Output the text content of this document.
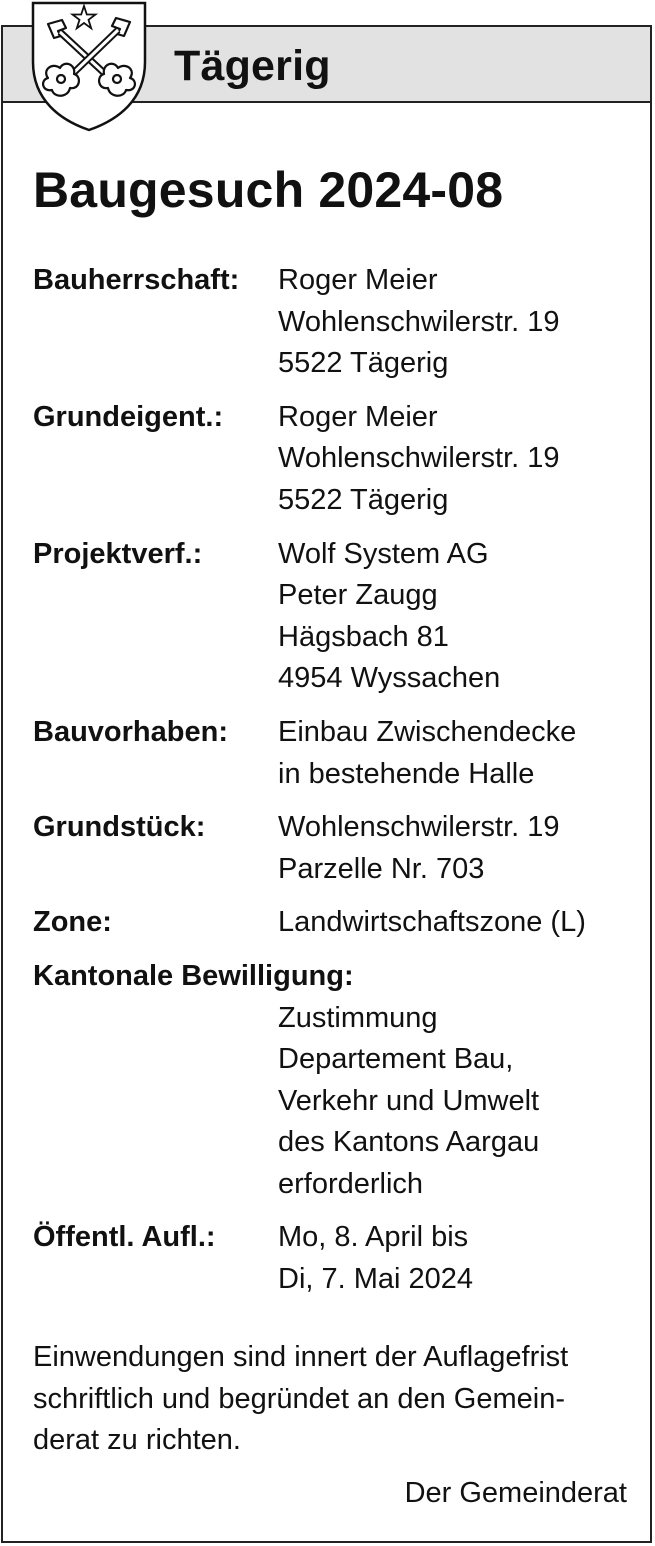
Tägerig
Baugesuch 2024-08
Bauherrschaft:	Roger Meier
Wohlenschwilerstr. 19
5522 Tägerig
Grundeigent.:	Roger Meier
Wohlenschwilerstr. 19
5522 Tägerig
Projektverf.:	Wolf System AG
Peter Zaugg
Hägsbach 81
4954 Wyssachen
Bauvorhaben:	Einbau Zwischendecke
in bestehende Halle
Grundstück:	Wohlenschwilerstr. 19
Parzelle Nr. 703
Zone:	Landwirtschaftszone (L)
Kantonale Bewilligung:
Zustimmung
Departement Bau,
Verkehr und Umwelt
des Kantons Aargau
erforderlich
Öffentl. Aufl.:	Mo, 8. April bis
Di, 7. Mai 2024
Einwendungen sind innert der Auflagefrist
schriftlich und begründet an den Gemein-
derat zu richten.
Der Gemeinderat
